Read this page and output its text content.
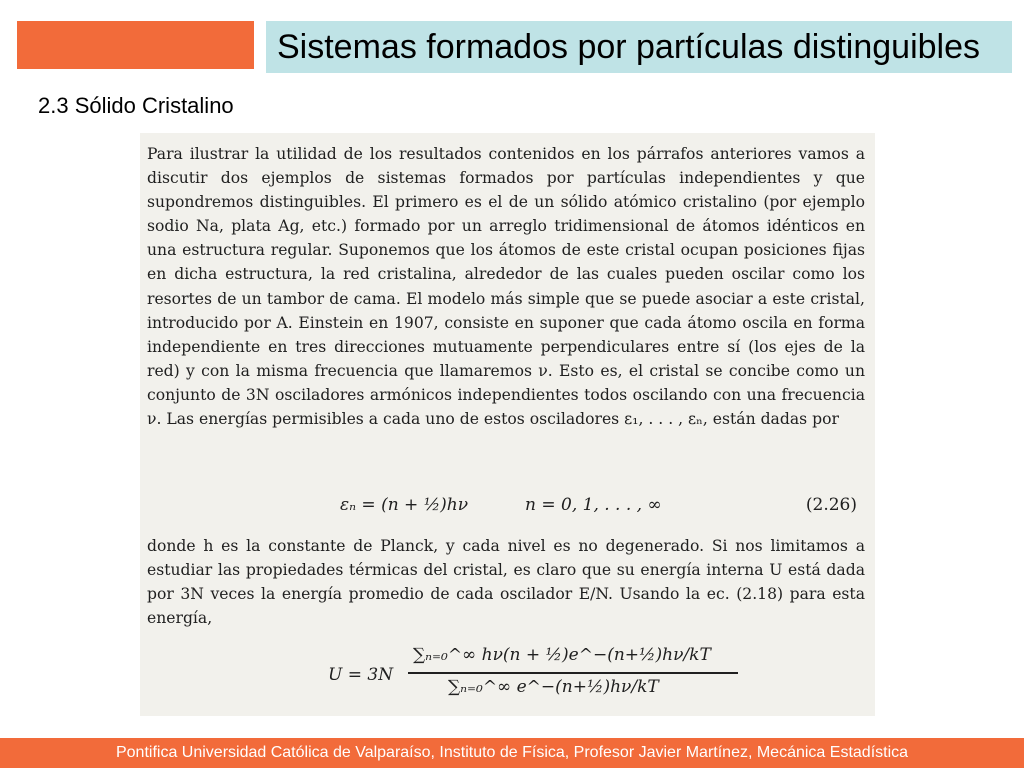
Sistemas formados por partículas distinguibles
2.3 Sólido Cristalino
Para ilustrar la utilidad de los resultados contenidos en los párrafos anteriores vamos a discutir dos ejemplos de sistemas formados por partículas independientes y que supondremos distinguibles. El primero es el de un sólido atómico cristalino (por ejemplo sodio Na, plata Ag, etc.) formado por un arreglo tridimensional de átomos idénticos en una estructura regular. Suponemos que los átomos de este cristal ocupan posiciones fijas en dicha estructura, la red cristalina, alrededor de las cuales pueden oscilar como los resortes de un tambor de cama. El modelo más simple que se puede asociar a este cristal, introducido por A. Einstein en 1907, consiste en suponer que cada átomo oscila en forma independiente en tres direcciones mutuamente perpendiculares entre sí (los ejes de la red) y con la misma frecuencia que llamaremos ν. Esto es, el cristal se concibe como un conjunto de 3N osciladores armónicos independientes todos oscilando con una frecuencia ν. Las energías permisibles a cada uno de estos osciladores ε₁, . . . , εₙ, están dadas por
εₙ = (n + ½)hν	n = 0, 1, . . . , ∞	(2.26)
donde h es la constante de Planck, y cada nivel es no degenerado. Si nos limitamos a estudiar las propiedades térmicas del cristal, es claro que su energía interna U está dada por 3N veces la energía promedio de cada oscilador E/N. Usando la ec. (2.18) para esta energía,
U = 3N
∑ₙ₌₀^∞ hν(n + ½)e^−(n+½)hν/kT
∑ₙ₌₀^∞ e^−(n+½)hν/kT
Pontifica Universidad Católica de Valparaíso, Instituto de Física, Profesor Javier Martínez, Mecánica Estadística
